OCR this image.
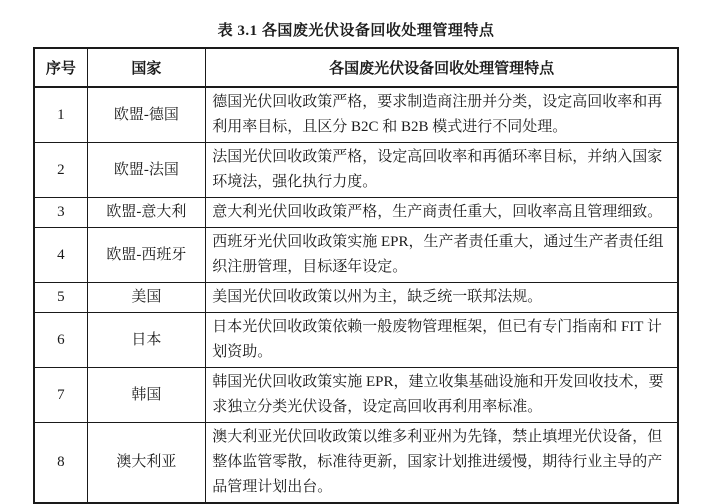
表 3.1 各国废光伏设备回收处理管理特点
序号	国家	各国废光伏设备回收处理管理特点
1	欧盟-德国	德国光伏回收政策严格，要求制造商注册并分类，设定高回收率和再利用率目标，且区分 B2C 和 B2B 模式进行不同处理。
2	欧盟-法国	法国光伏回收政策严格，设定高回收率和再循环率目标，并纳入国家环境法，强化执行力度。
3	欧盟-意大利	意大利光伏回收政策严格，生产商责任重大，回收率高且管理细致。
4	欧盟-西班牙	西班牙光伏回收政策实施 EPR，生产者责任重大，通过生产者责任组织注册管理，目标逐年设定。
5	美国	美国光伏回收政策以州为主，缺乏统一联邦法规。
6	日本	日本光伏回收政策依赖一般废物管理框架，但已有专门指南和 FIT 计划资助。
7	韩国	韩国光伏回收政策实施 EPR，建立收集基础设施和开发回收技术，要求独立分类光伏设备，设定高回收再利用率标准。
8	澳大利亚	澳大利亚光伏回收政策以维多利亚州为先锋，禁止填埋光伏设备，但整体监管零散，标准待更新，国家计划推进缓慢，期待行业主导的产品管理计划出台。
